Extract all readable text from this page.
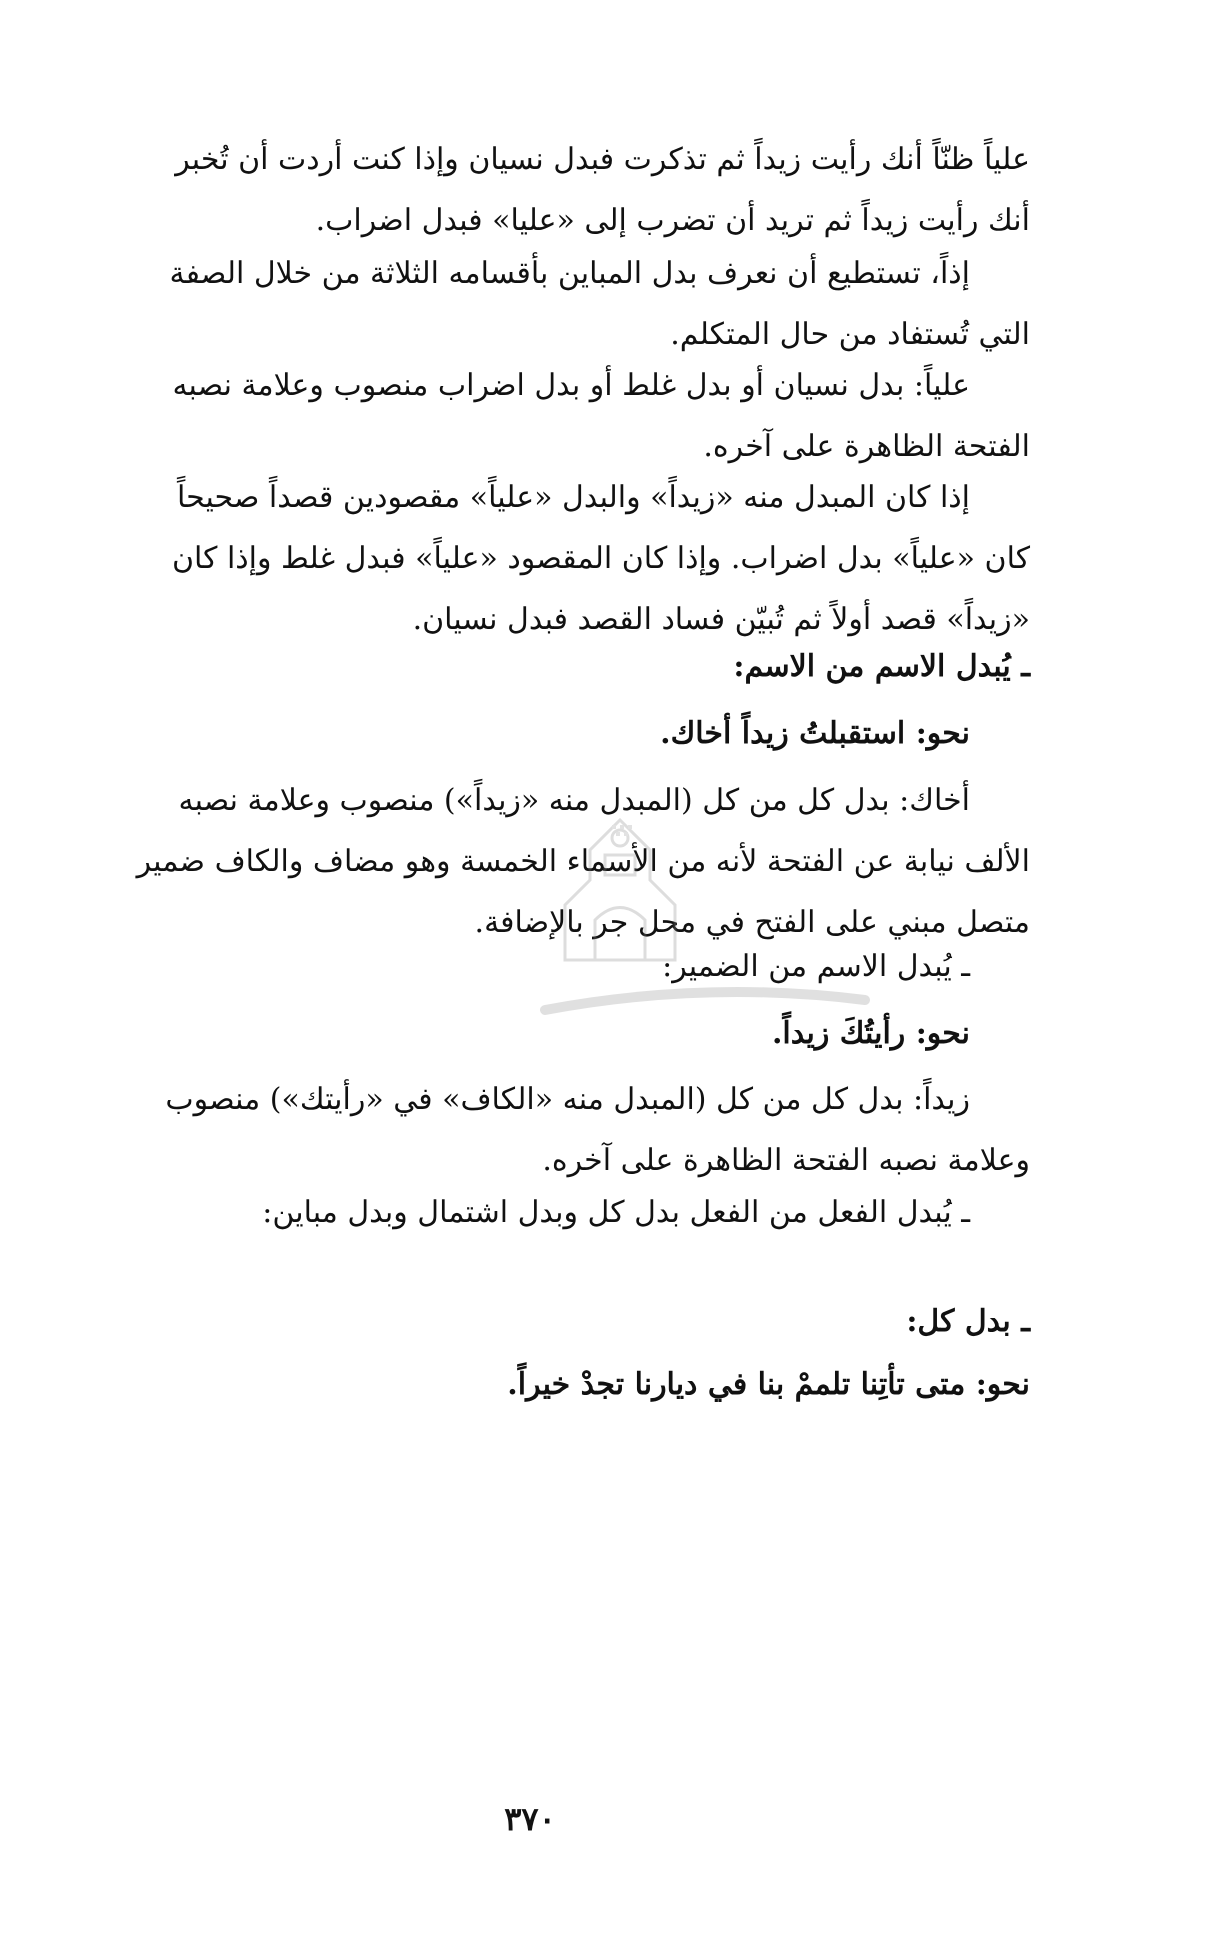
علياً ظنّاً أنك رأيت زيداً ثم تذكرت فبدل نسيان وإذا كنت أردت أن تُخبر
أنك رأيت زيداً ثم تريد أن تضرب إلى «عليا» فبدل اضراب.
إذاً، تستطيع أن نعرف بدل المباين بأقسامه الثلاثة من خلال الصفة
التي تُستفاد من حال المتكلم.
علياً: بدل نسيان أو بدل غلط أو بدل اضراب منصوب وعلامة نصبه
الفتحة الظاهرة على آخره.
إذا كان المبدل منه «زيداً» والبدل «علياً» مقصودين قصداً صحيحاً
كان «علياً» بدل اضراب. وإذا كان المقصود «علياً» فبدل غلط وإذا كان
«زيداً» قصد أولاً ثم تُبيّن فساد القصد فبدل نسيان.
ـ يُبدل الاسم من الاسم:
نحو: استقبلتُ زيداً أخاك.
أخاك: بدل كل من كل (المبدل منه «زيداً») منصوب وعلامة نصبه
الألف نيابة عن الفتحة لأنه من الأسماء الخمسة وهو مضاف والكاف ضمير
متصل مبني على الفتح في محل جر بالإضافة.
ـ يُبدل الاسم من الضمير:
نحو: رأيتُكَ زيداً.
زيداً: بدل كل من كل (المبدل منه «الكاف» في «رأيتك») منصوب
وعلامة نصبه الفتحة الظاهرة على آخره.
ـ يُبدل الفعل من الفعل بدل كل وبدل اشتمال وبدل مباين:
ـ بدل كل:
نحو: متى تأتِنا تلممْ بنا في ديارنا تجدْ خيراً.
٣٧٠
